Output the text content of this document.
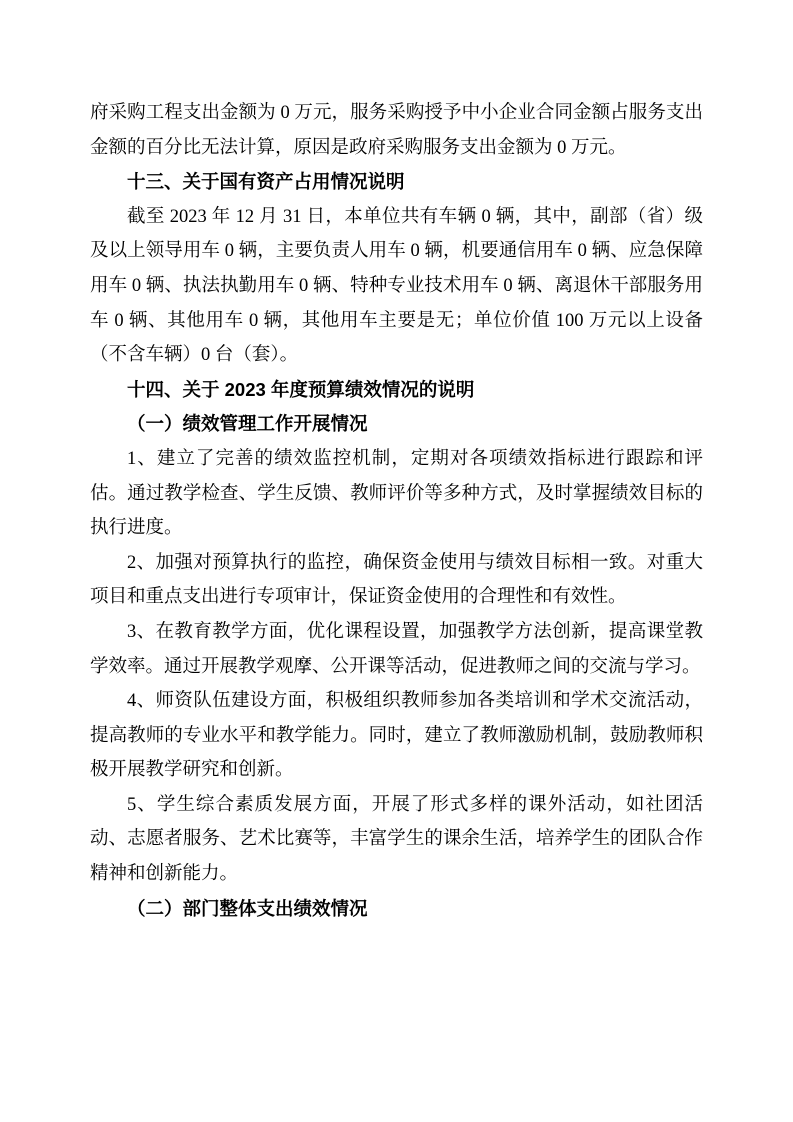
府采购工程支出金额为 0 万元，服务采购授予中小企业合同金额占服务支出金额的百分比无法计算，原因是政府采购服务支出金额为 0 万元。

十三、关于国有资产占用情况说明

截至 2023 年 12 月 31 日，本单位共有车辆 0 辆，其中，副部（省）级及以上领导用车 0 辆，主要负责人用车 0 辆，机要通信用车 0 辆、应急保障用车 0 辆、执法执勤用车 0 辆、特种专业技术用车 0 辆、离退休干部服务用车 0 辆、其他用车 0 辆，其他用车主要是无；单位价值 100 万元以上设备（不含车辆）0 台（套）。

十四、关于 2023 年度预算绩效情况的说明

（一）绩效管理工作开展情况

1、建立了完善的绩效监控机制，定期对各项绩效指标进行跟踪和评估。通过教学检查、学生反馈、教师评价等多种方式，及时掌握绩效目标的执行进度。

2、加强对预算执行的监控，确保资金使用与绩效目标相一致。对重大项目和重点支出进行专项审计，保证资金使用的合理性和有效性。

3、在教育教学方面，优化课程设置，加强教学方法创新，提高课堂教学效率。通过开展教学观摩、公开课等活动，促进教师之间的交流与学习。

4、师资队伍建设方面，积极组织教师参加各类培训和学术交流活动，提高教师的专业水平和教学能力。同时，建立了教师激励机制，鼓励教师积极开展教学研究和创新。

5、学生综合素质发展方面，开展了形式多样的课外活动，如社团活动、志愿者服务、艺术比赛等，丰富学生的课余生活，培养学生的团队合作精神和创新能力。

（二）部门整体支出绩效情况
